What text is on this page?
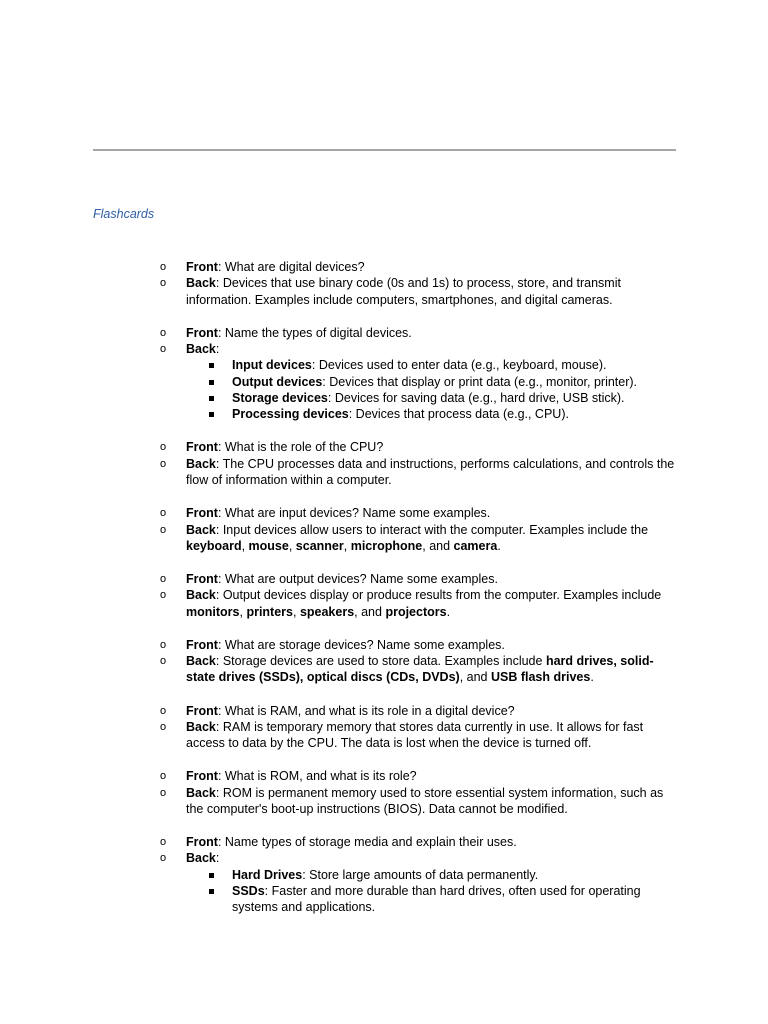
Flashcards
o	Front: What are digital devices?
o	Back: Devices that use binary code (0s and 1s) to process, store, and transmit information. Examples include computers, smartphones, and digital cameras.
o	Front: Name the types of digital devices.
o	Back:
Input devices: Devices used to enter data (e.g., keyboard, mouse).
Output devices: Devices that display or print data (e.g., monitor, printer).
Storage devices: Devices for saving data (e.g., hard drive, USB stick).
Processing devices: Devices that process data (e.g., CPU).
o	Front: What is the role of the CPU?
o	Back: The CPU processes data and instructions, performs calculations, and controls the flow of information within a computer.
o	Front: What are input devices? Name some examples.
o	Back: Input devices allow users to interact with the computer. Examples include the keyboard, mouse, scanner, microphone, and camera.
o	Front: What are output devices? Name some examples.
o	Back: Output devices display or produce results from the computer. Examples include monitors, printers, speakers, and projectors.
o	Front: What are storage devices? Name some examples.
o	Back: Storage devices are used to store data. Examples include hard drives, solid-state drives (SSDs), optical discs (CDs, DVDs), and USB flash drives.
o	Front: What is RAM, and what is its role in a digital device?
o	Back: RAM is temporary memory that stores data currently in use. It allows for fast access to data by the CPU. The data is lost when the device is turned off.
o	Front: What is ROM, and what is its role?
o	Back: ROM is permanent memory used to store essential system information, such as the computer's boot-up instructions (BIOS). Data cannot be modified.
o	Front: Name types of storage media and explain their uses.
o	Back:
Hard Drives: Store large amounts of data permanently.
SSDs: Faster and more durable than hard drives, often used for operating systems and applications.
